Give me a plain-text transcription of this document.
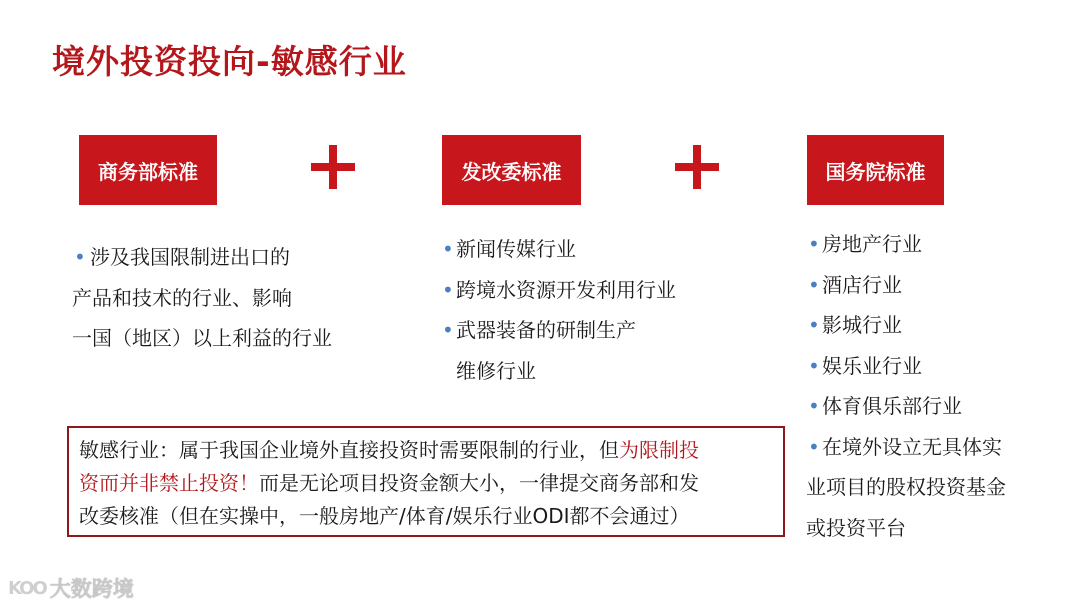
境外投资投向-敏感行业
商务部标准	发改委标准	国务院标准
• 涉及我国限制进出口的
产品和技术的行业、影响
一国（地区）以上利益的行业
• 新闻传媒行业
• 跨境水资源开发利用行业
• 武器装备的研制生产
维修行业
• 房地产行业
• 酒店行业
• 影城行业
• 娱乐业行业
• 体育俱乐部行业
• 在境外设立无具体实
业项目的股权投资基金
或投资平台
敏感行业：属于我国企业境外直接投资时需要限制的行业，但为限制投
资而并非禁止投资！而是无论项目投资金额大小，一律提交商务部和发
改委核准（但在实操中，一般房地产/体育/娱乐行业ODI都不会通过）
KOO 大数跨境
